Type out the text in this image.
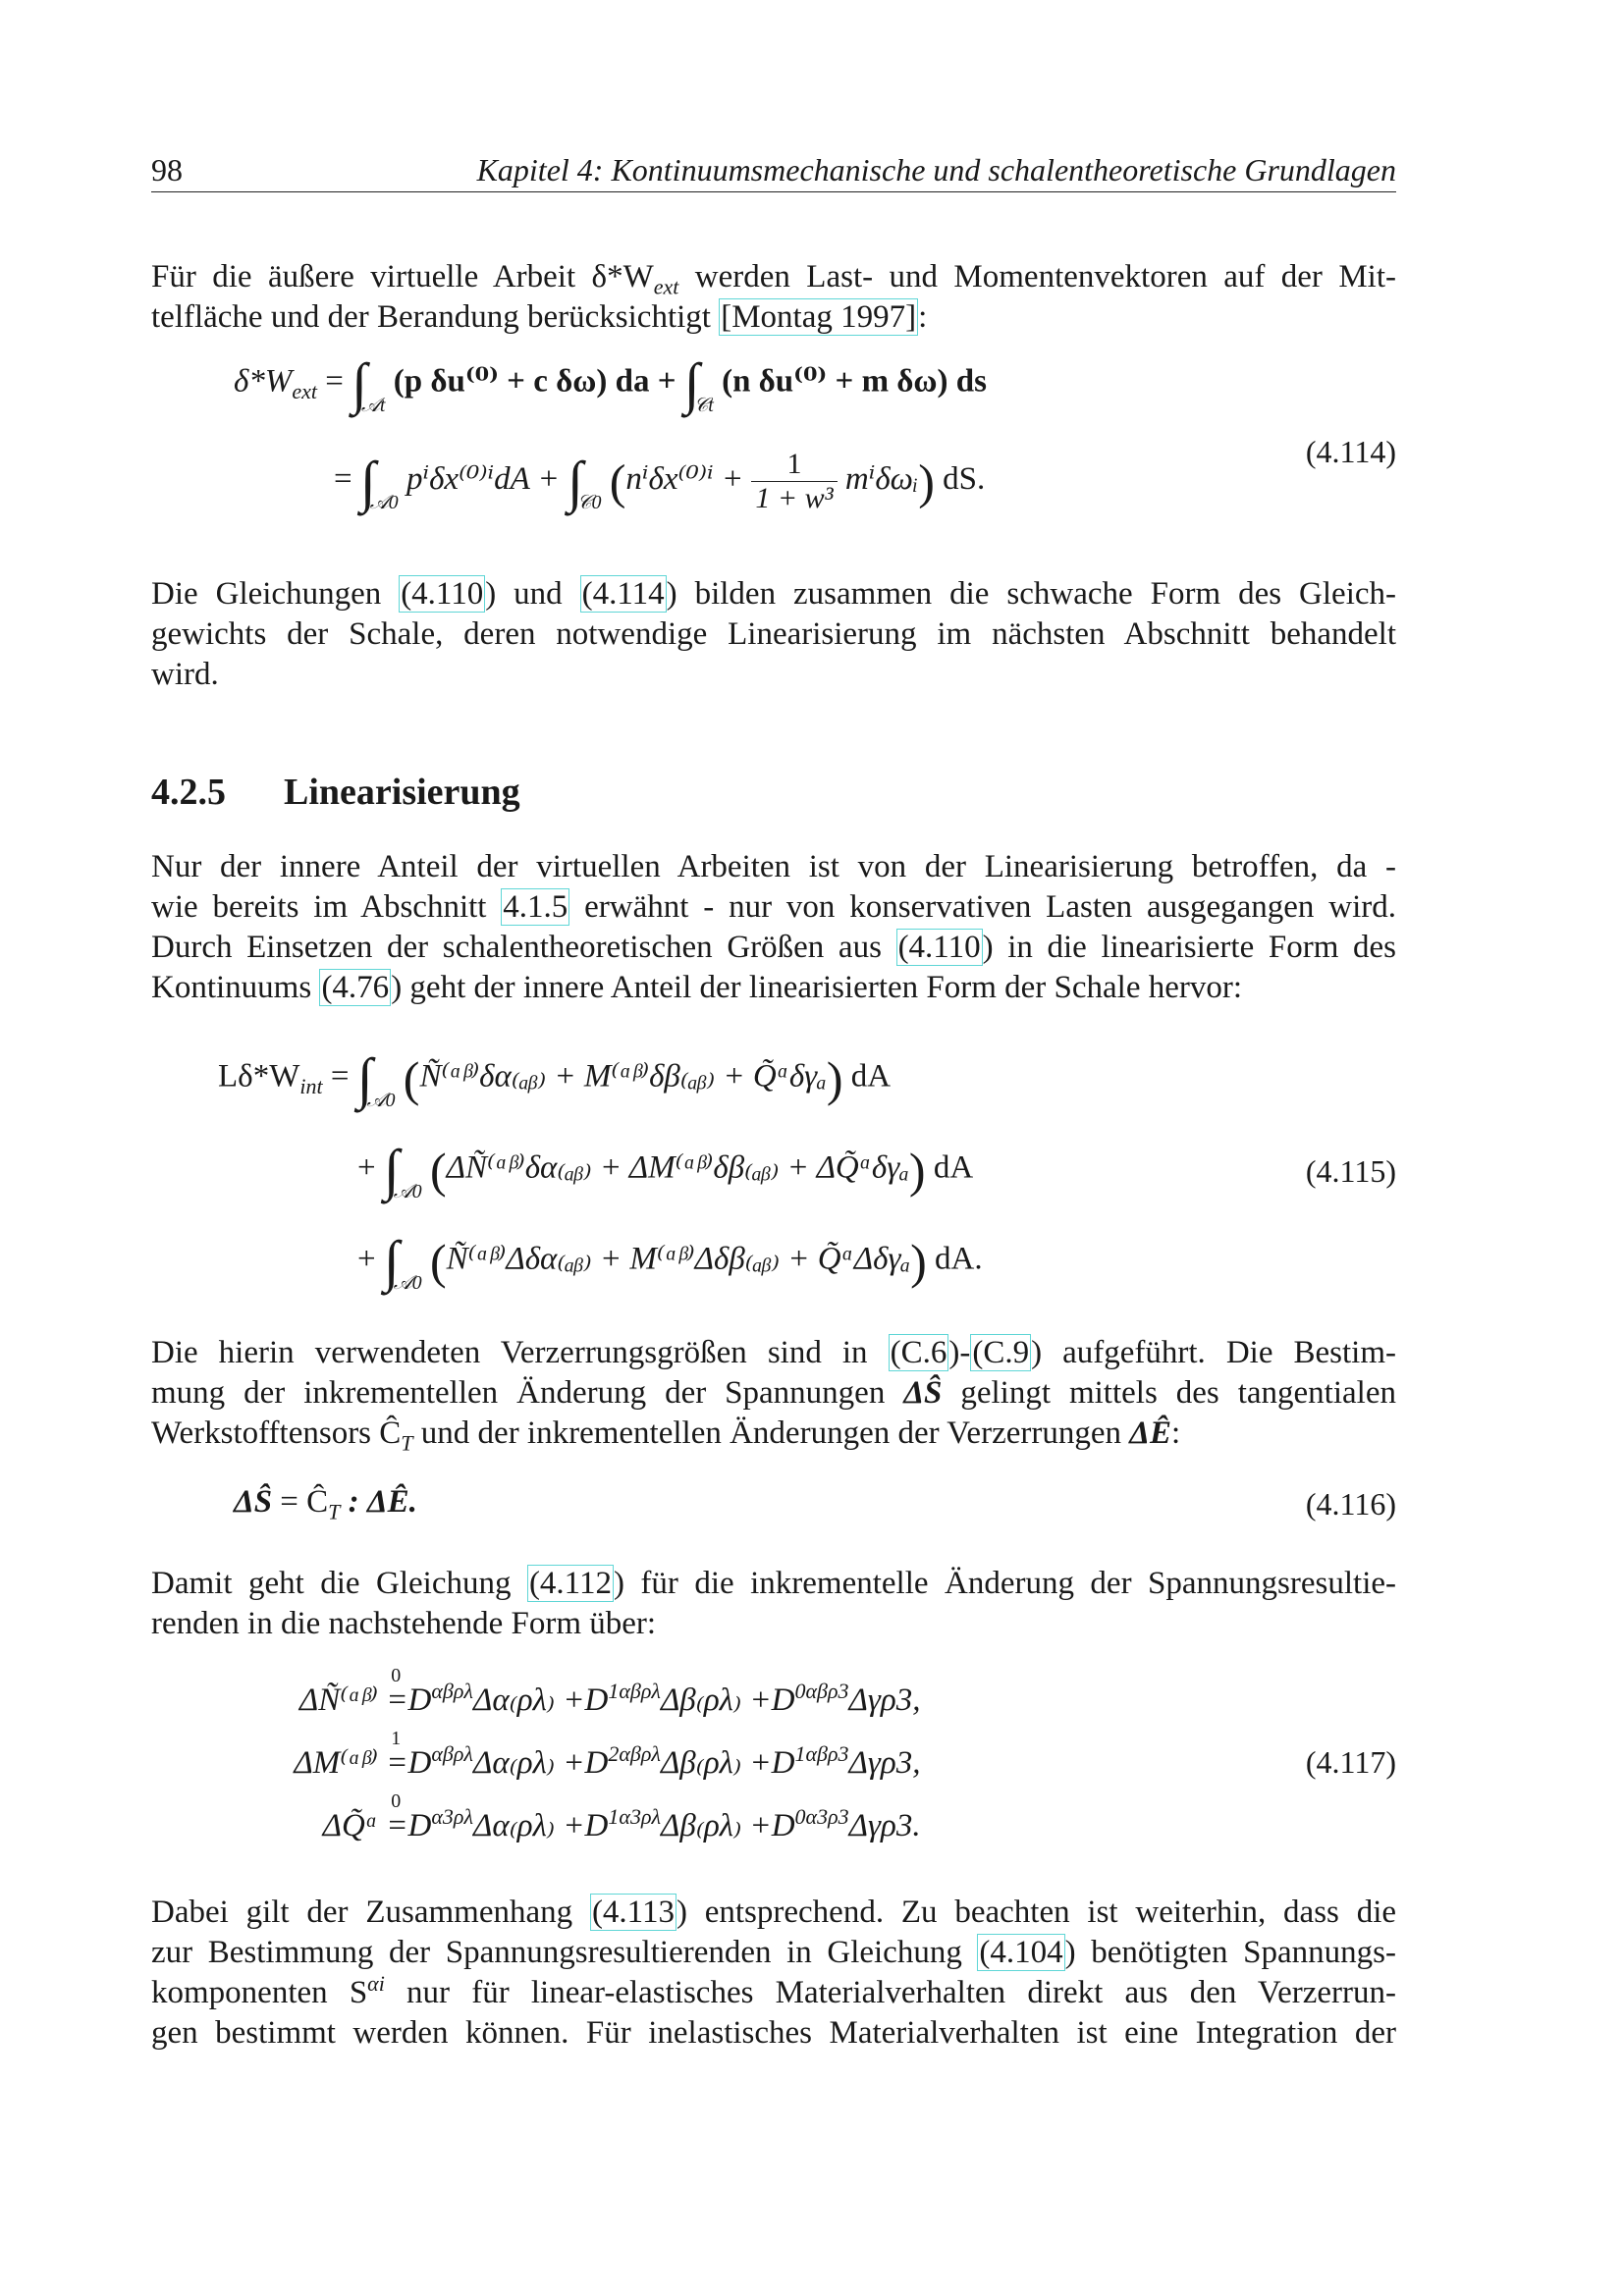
98	Kapitel 4: Kontinuumsmechanische und schalentheoretische Grundlagen
Für die äußere virtuelle Arbeit $\delta*W_{ext}$ werden Last- und Momentenvektoren auf der Mit-
telfläche und der Berandung berücksichtigt [Montag 1997]:
$\delta*W_{ext} = \int_{𝒜t}$ (p δu⁽⁰⁾ + c δω) da + $\int_{𝒞t}$ (n δu⁽⁰⁾ + m δω) ds
= $\int_{𝒜0}$ $p^i\delta x^{(0)i}dA + \int_{𝒞0}$ ($n^i\delta x^{(0)i} + \frac{1}{\text{1 + w³}}$ mⁱδωᵢ) dS.
(4.114)
Die Gleichungen (4.110) und (4.114) bilden zusammen die schwache Form des Gleich-
gewichts der Schale, deren notwendige Linearisierung im nächsten Abschnitt behandelt
wird.
4.2.5 Linearisierung
Nur der innere Anteil der virtuellen Arbeiten ist von der Linearisierung betroffen, da -
wie bereits im Abschnitt 4.1.5 erwähnt - nur von konservativen Lasten ausgegangen wird.
Durch Einsetzen der schalentheoretischen Größen aus (4.110) in die linearisierte Form des
Kontinuums (4.76) geht der innere Anteil der linearisierten Form der Schale hervor:
$L\delta*W_{int} = \int_{𝒜0}$ (Ñ⁽ᵅᵝ⁾δα₍ₐᵦ₎ + M⁽ᵅᵝ⁾δβ₍ₐᵦ₎ + Q̃ᵅδγₐ) dA
+ $\int_{𝒜0}$ (ΔÑ⁽ᵅᵝ⁾δα₍ₐᵦ₎ + ΔM⁽ᵅᵝ⁾δβ₍ₐᵦ₎ + ΔQ̃ᵅδγₐ) dA
+ $\int_{𝒜0}$ (Ñ⁽ᵅᵝ⁾Δδα₍ₐᵦ₎ + M⁽ᵅᵝ⁾Δδβ₍ₐᵦ₎ + Q̃ᵅΔδγₐ) dA.
(4.115)
Die hierin verwendeten Verzerrungsgrößen sind in (C.6)-(C.9) aufgeführt. Die Bestim-
mung der inkrementellen Änderung der Spannungen ΔŜ gelingt mittels des tangentialen
Werkstofftensors $Ĉ_T$ und der inkrementellen Änderungen der Verzerrungen ΔÊ:
ΔŜ = $Ĉ_T$ : ΔÊ.	(4.116)
Damit geht die Gleichung (4.112) für die inkrementelle Änderung der Spannungsresultie-
renden in die nachstehende Form über:
ΔÑ⁽ᵅᵝ⁾
0
$=D^{\alpha\beta\rho\lambda}\Delta\alpha_(\rho\lambda_) +D^{1\alpha\beta\rho\lambda}\Delta\beta_(\rho\lambda_) +D^{0\alpha\beta\rho 3}\Delta\gamma\rho 3$,
ΔM⁽ᵅᵝ⁾
1
$=D^{\alpha\beta\rho\lambda}\Delta\alpha_(\rho\lambda_) +D^{2\alpha\beta\rho\lambda}\Delta\beta_(\rho\lambda_) +D^{1\alpha\beta\rho 3}\Delta\gamma\rho 3$,
ΔQ̃ᵅ
0
$=D^{\alpha 3\rho\lambda}\Delta\alpha_(\rho\lambda_) +D^{1\alpha 3\rho\lambda}\Delta\beta_(\rho\lambda_) +D^{0\alpha 3\rho 3}\Delta\gamma\rho 3$.
(4.117)
Dabei gilt der Zusammenhang (4.113) entsprechend. Zu beachten ist weiterhin, dass die
zur Bestimmung der Spannungsresultierenden in Gleichung (4.104) benötigten Spannungs-
komponenten $S^{\alpha i}$ nur für linear-elastisches Materialverhalten direkt aus den Verzerrun-
gen bestimmt werden können. Für inelastisches Materialverhalten ist eine Integration der
